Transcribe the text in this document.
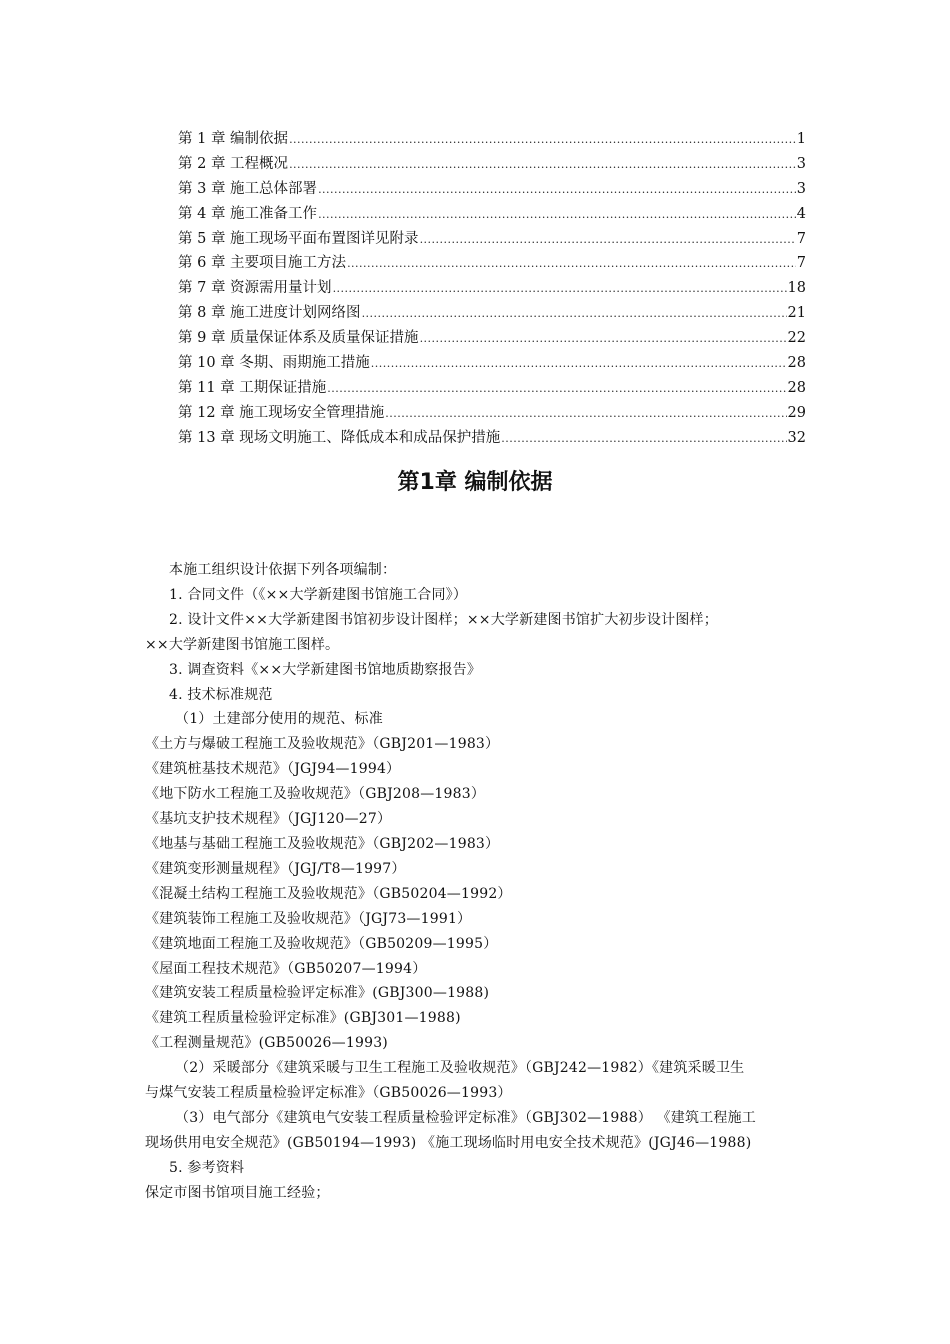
第 1 章 编制依据 .....	1
第 2 章 工程概况 .....	3
第 3 章 施工总体部署 .....	3
第 4 章 施工准备工作 .....	4
第 5 章 施工现场平面布置图详见附录 .....	7
第 6 章 主要项目施工方法 .....	7
第 7 章 资源需用量计划 .....	18
第 8 章 施工进度计划网络图 .....	21
第 9 章 质量保证体系及质量保证措施 .....	22
第 10 章 冬期、雨期施工措施 .....	28
第 11 章 工期保证措施 .....	28
第 12 章 施工现场安全管理措施 .....	29
第 13 章 现场文明施工、降低成本和成品保护措施 .....	32
第1章 编制依据
本施工组织设计依据下列各项编制：
1. 合同文件（《××大学新建图书馆施工合同》）
2. 设计文件××大学新建图书馆初步设计图样；××大学新建图书馆扩大初步设计图样；
××大学新建图书馆施工图样。
3. 调查资料《××大学新建图书馆地质勘察报告》
4. 技术标准规范
（1）土建部分使用的规范、标准
《土方与爆破工程施工及验收规范》（GBJ201—1983）
《建筑桩基技术规范》（JGJ94—1994）
《地下防水工程施工及验收规范》（GBJ208—1983）
《基坑支护技术规程》（JGJ120—27）
《地基与基础工程施工及验收规范》（GBJ202—1983）
《建筑变形测量规程》（JGJ/T8—1997）
《混凝土结构工程施工及验收规范》（GB50204—1992）
《建筑装饰工程施工及验收规范》（JGJ73—1991）
《建筑地面工程施工及验收规范》（GB50209—1995）
《屋面工程技术规范》（GB50207—1994）
《建筑安装工程质量检验评定标准》(GBJ300—1988)
《建筑工程质量检验评定标准》(GBJ301—1988)
《工程测量规范》(GB50026—1993)
（2）采暖部分《建筑采暖与卫生工程施工及验收规范》（GBJ242—1982）《建筑采暖卫生
与煤气安装工程质量检验评定标准》（GB50026—1993）
（3）电气部分《建筑电气安装工程质量检验评定标准》（GBJ302—1988） 《建筑工程施工
现场供用电安全规范》(GB50194—1993) 《施工现场临时用电安全技术规范》(JGJ46—1988)
5. 参考资料
保定市图书馆项目施工经验；
